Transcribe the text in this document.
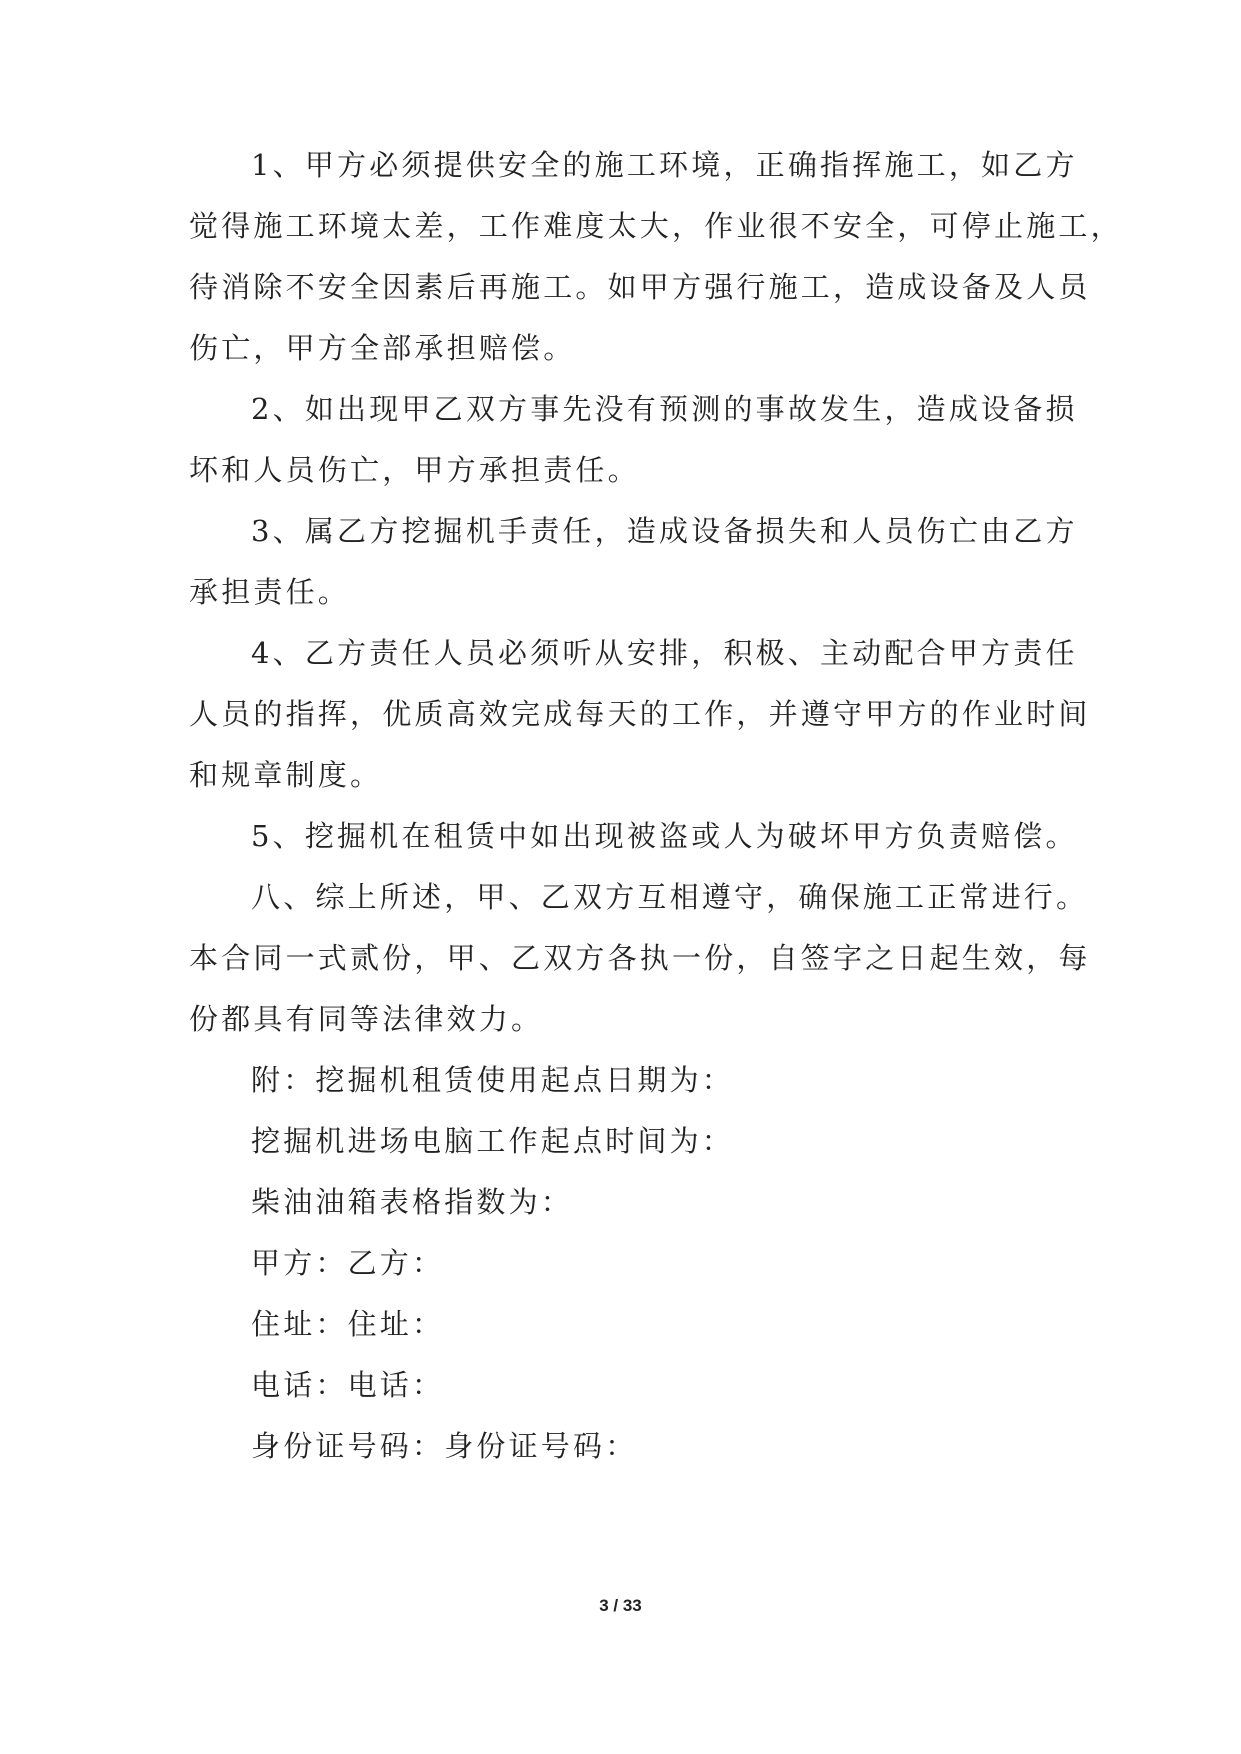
1、甲方必须提供安全的施工环境，正确指挥施工，如乙方

觉得施工环境太差，工作难度太大，作业很不安全，可停止施工，

待消除不安全因素后再施工。如甲方强行施工，造成设备及人员

伤亡，甲方全部承担赔偿。

2、如出现甲乙双方事先没有预测的事故发生，造成设备损

坏和人员伤亡，甲方承担责任。

3、属乙方挖掘机手责任，造成设备损失和人员伤亡由乙方

承担责任。

4、乙方责任人员必须听从安排，积极、主动配合甲方责任

人员的指挥，优质高效完成每天的工作，并遵守甲方的作业时间

和规章制度。

5、挖掘机在租赁中如出现被盗或人为破坏甲方负责赔偿。

八、综上所述，甲、乙双方互相遵守，确保施工正常进行。

本合同一式贰份，甲、乙双方各执一份，自签字之日起生效，每

份都具有同等法律效力。

附：挖掘机租赁使用起点日期为：

挖掘机进场电脑工作起点时间为：

柴油油箱表格指数为：

甲方：乙方：

住址：住址：

电话：电话：

身份证号码：身份证号码：

3 / 33
